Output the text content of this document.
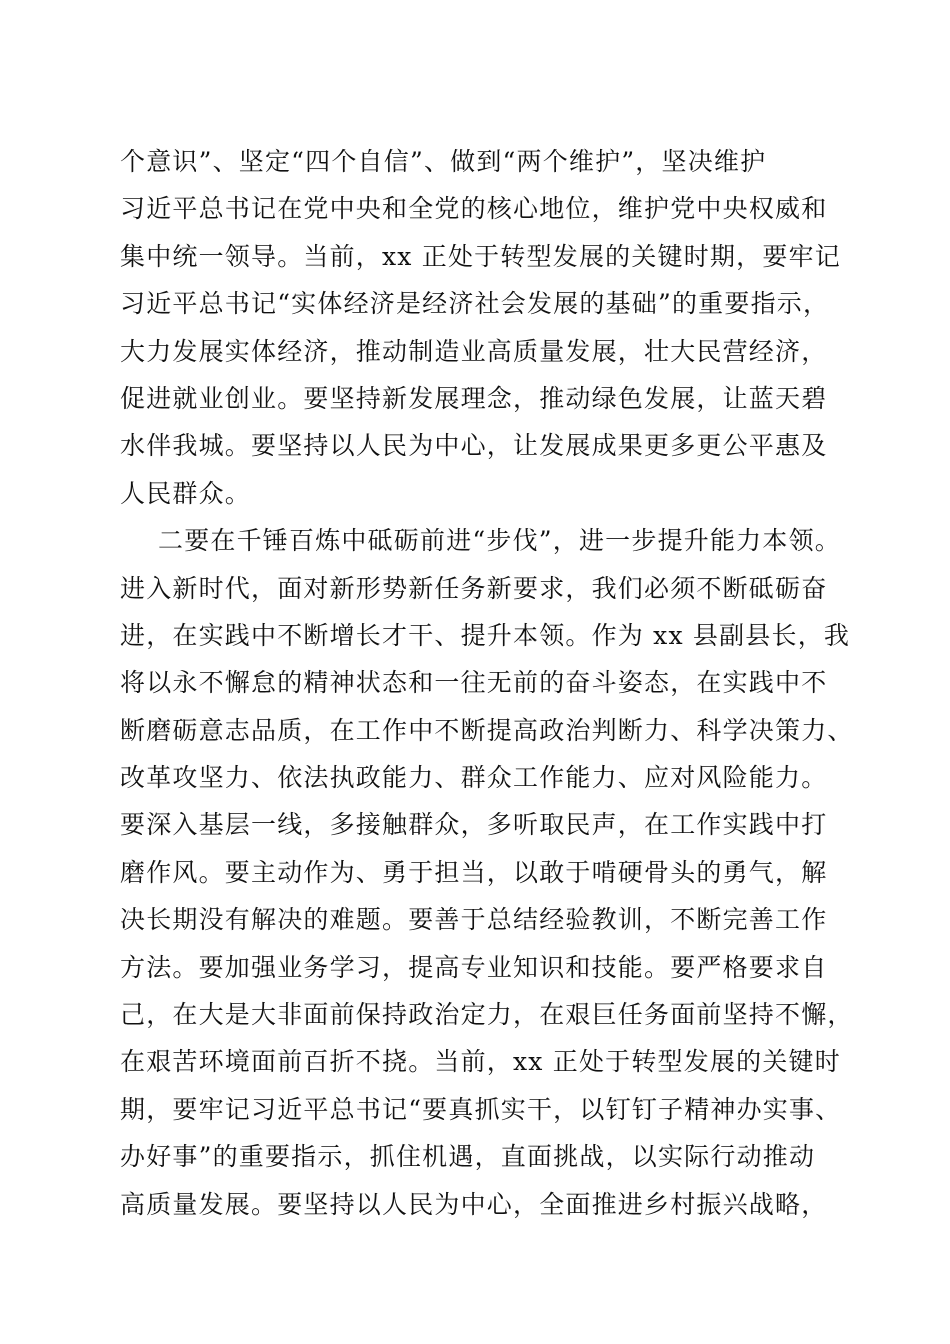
个意识”、坚定“四个自信”、做到“两个维护”，坚决维护
习近平总书记在党中央和全党的核心地位，维护党中央权威和
集中统一领导。当前，xx 正处于转型发展的关键时期，要牢记
习近平总书记“实体经济是经济社会发展的基础”的重要指示，
大力发展实体经济，推动制造业高质量发展，壮大民营经济，
促进就业创业。要坚持新发展理念，推动绿色发展，让蓝天碧
水伴我城。要坚持以人民为中心，让发展成果更多更公平惠及
人民群众。
二要在千锤百炼中砥砺前进“步伐”，进一步提升能力本领。
进入新时代，面对新形势新任务新要求，我们必须不断砥砺奋
进，在实践中不断增长才干、提升本领。作为 xx 县副县长，我
将以永不懈怠的精神状态和一往无前的奋斗姿态，在实践中不
断磨砺意志品质，在工作中不断提高政治判断力、科学决策力、
改革攻坚力、依法执政能力、群众工作能力、应对风险能力。
要深入基层一线，多接触群众，多听取民声，在工作实践中打
磨作风。要主动作为、勇于担当，以敢于啃硬骨头的勇气，解
决长期没有解决的难题。要善于总结经验教训，不断完善工作
方法。要加强业务学习，提高专业知识和技能。要严格要求自
己，在大是大非面前保持政治定力，在艰巨任务面前坚持不懈，
在艰苦环境面前百折不挠。当前，xx 正处于转型发展的关键时
期，要牢记习近平总书记“要真抓实干，以钉钉子精神办实事、
办好事”的重要指示，抓住机遇，直面挑战，以实际行动推动
高质量发展。要坚持以人民为中心，全面推进乡村振兴战略，
